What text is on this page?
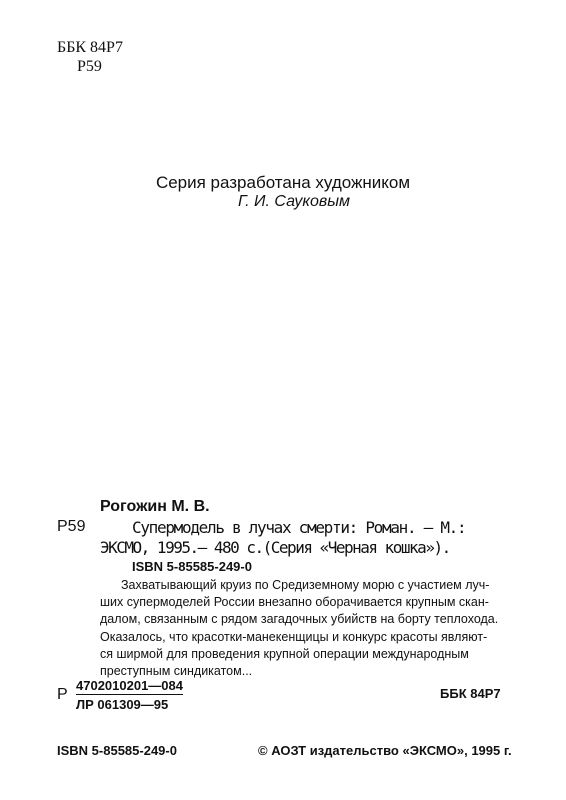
ББК 84Р7
Р59
Серия разработана художником
Г. И. Сауковым
Рогожин М. В.
Р59	Супермодель в лучах смерти: Роман. — М.:
ЭКСМО, 1995.— 480 с.(Серия «Черная кошка»).
ISBN 5-85585-249-0
Захватывающий круиз по Средиземному морю с участием луч-
ших супермоделей России внезапно оборачивается крупным скан-
далом, связанным с рядом загадочных убийств на борту теплохода.
Оказалось, что красотки-манекенщицы и конкурс красоты являют-
ся ширмой для проведения крупной операции международным
преступным синдикатом...
Р
4702010201—084
ЛР 061309—95
ББК 84Р7
ISBN 5-85585-249-0	© АОЗТ издательство «ЭКСМО», 1995 г.
